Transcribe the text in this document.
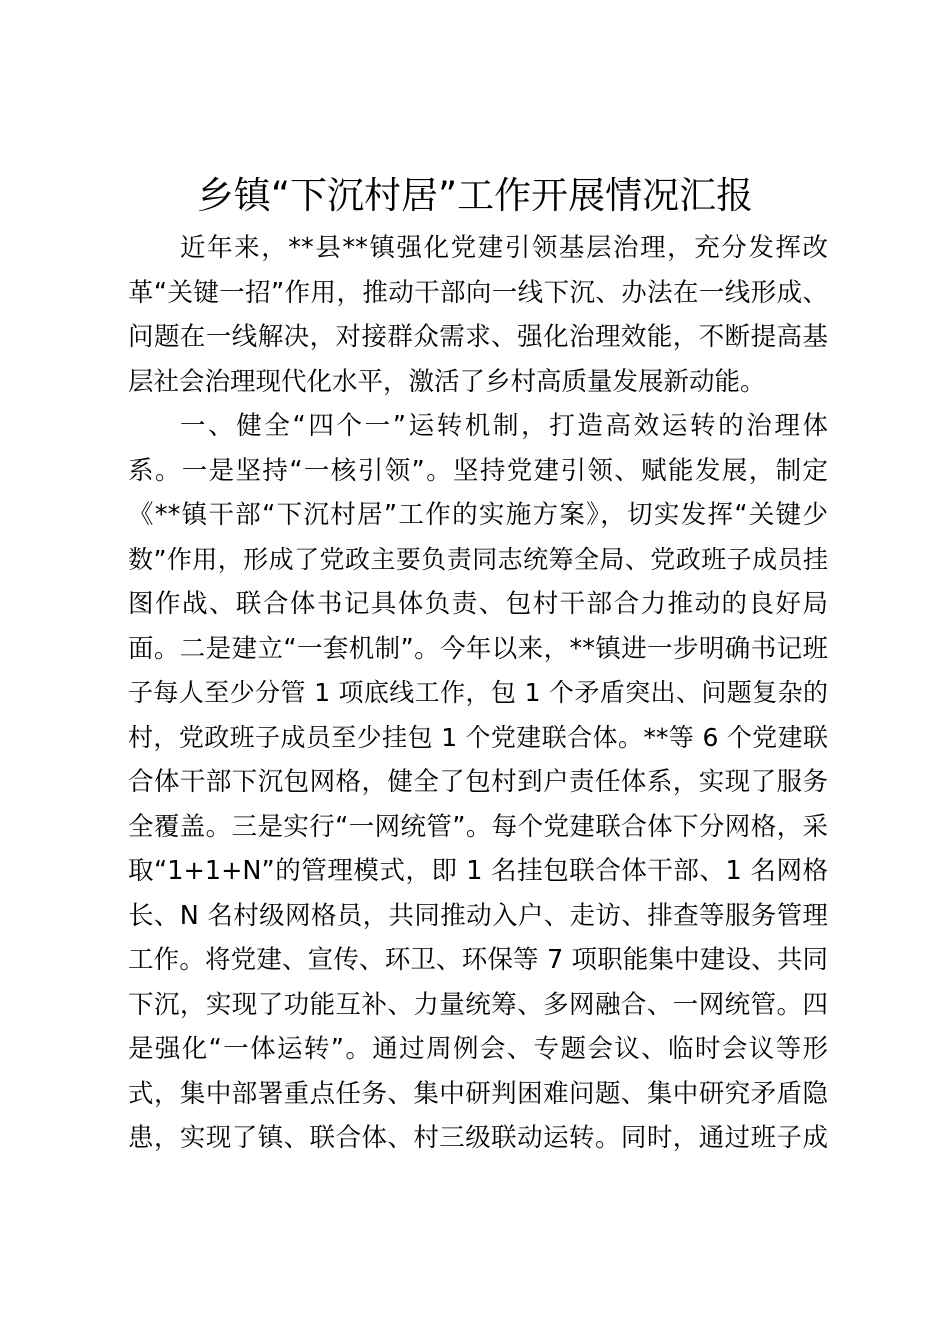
乡镇“下沉村居”工作开展情况汇报
近年来，**县**镇强化党建引领基层治理，充分发挥改
革“关键一招”作用，推动干部向一线下沉、办法在一线形成、
问题在一线解决，对接群众需求、强化治理效能，不断提高基
层社会治理现代化水平，激活了乡村高质量发展新动能。
一、健全“四个一”运转机制，打造高效运转的治理体
系。一是坚持“一核引领”。坚持党建引领、赋能发展，制定
《**镇干部“下沉村居”工作的实施方案》，切实发挥“关键少
数”作用，形成了党政主要负责同志统筹全局、党政班子成员挂
图作战、联合体书记具体负责、包村干部合力推动的良好局
面。二是建立“一套机制”。今年以来，**镇进一步明确书记班
子每人至少分管 1 项底线工作，包 1 个矛盾突出、问题复杂的
村，党政班子成员至少挂包 1 个党建联合体。**等 6 个党建联
合体干部下沉包网格，健全了包村到户责任体系，实现了服务
全覆盖。三是实行“一网统管”。每个党建联合体下分网格，采
取“1+1+N”的管理模式，即 1 名挂包联合体干部、1 名网格
长、N 名村级网格员，共同推动入户、走访、排查等服务管理
工作。将党建、宣传、环卫、环保等 7 项职能集中建设、共同
下沉，实现了功能互补、力量统筹、多网融合、一网统管。四
是强化“一体运转”。通过周例会、专题会议、临时会议等形
式，集中部署重点任务、集中研判困难问题、集中研究矛盾隐
患，实现了镇、联合体、村三级联动运转。同时，通过班子成
